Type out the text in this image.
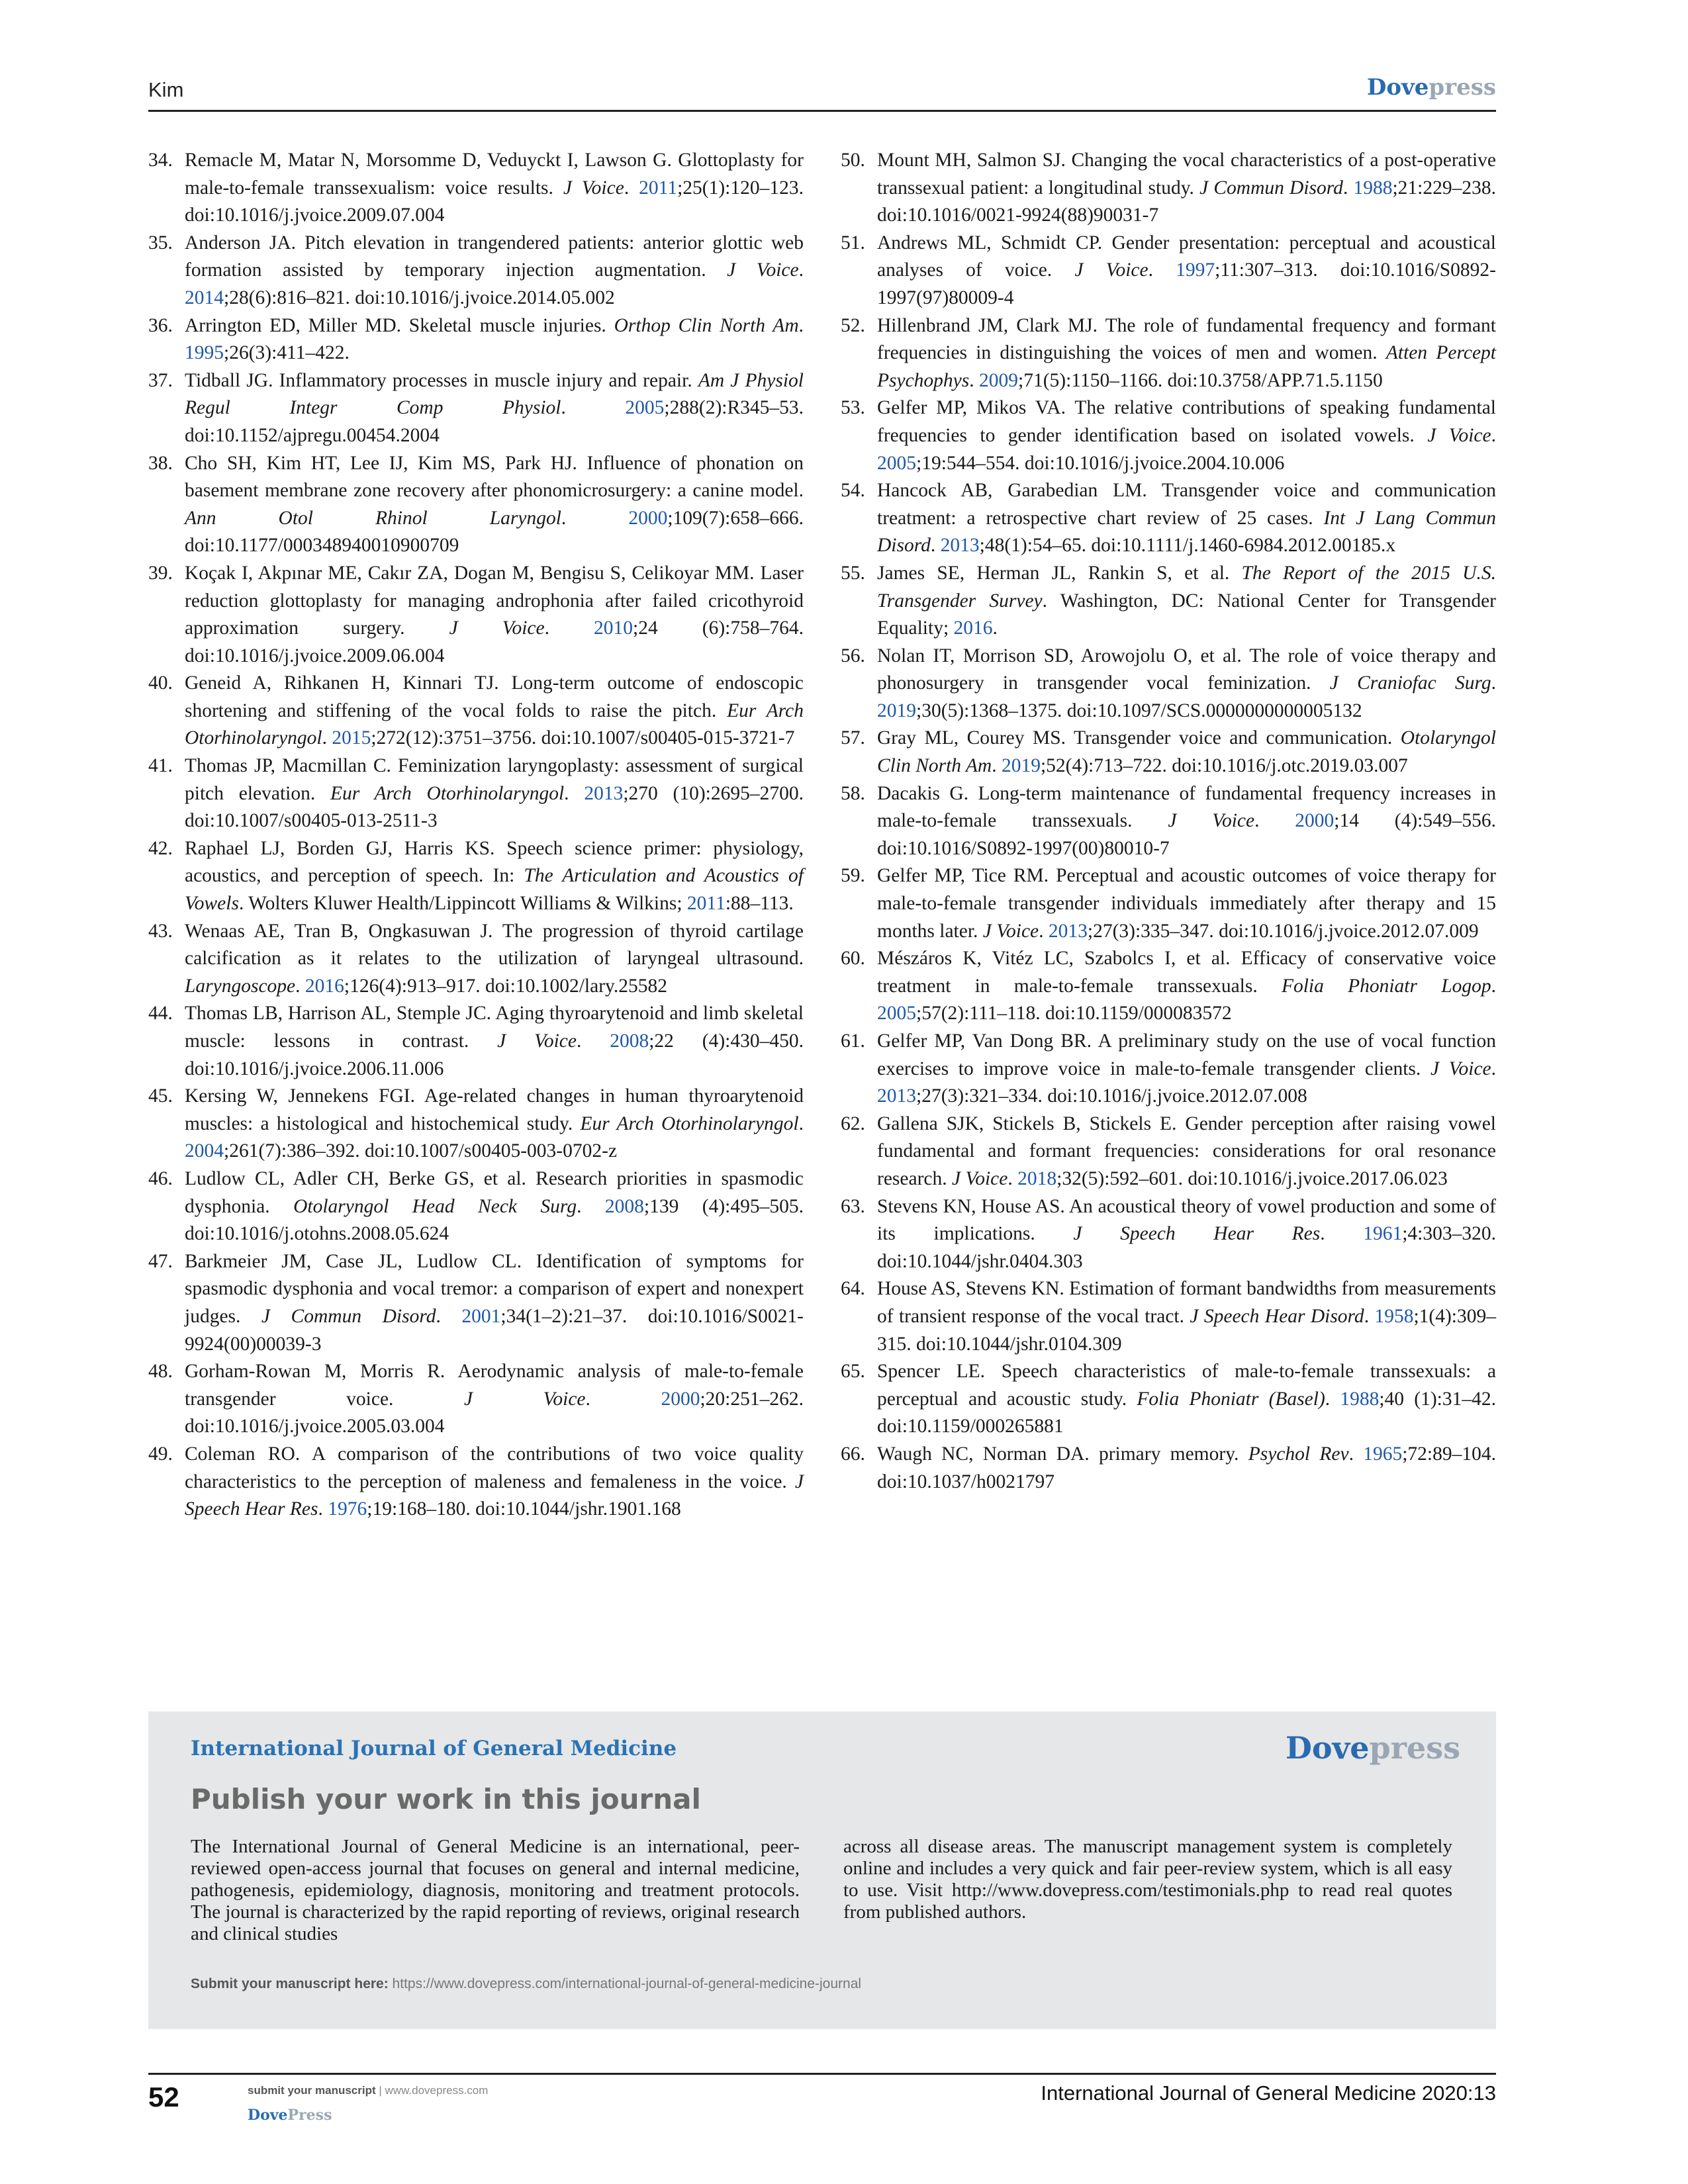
Kim	Dovepress
34. Remacle M, Matar N, Morsomme D, Veduyckt I, Lawson G. Glottoplasty for male-to-female transsexualism: voice results. J Voice. 2011;25(1):120–123. doi:10.1016/j.jvoice.2009.07.004
35. Anderson JA. Pitch elevation in trangendered patients: anterior glottic web formation assisted by temporary injection augmentation. J Voice. 2014;28(6):816–821. doi:10.1016/j.jvoice.2014.05.002
36. Arrington ED, Miller MD. Skeletal muscle injuries. Orthop Clin North Am. 1995;26(3):411–422.
37. Tidball JG. Inflammatory processes in muscle injury and repair. Am J Physiol Regul Integr Comp Physiol. 2005;288(2):R345–53. doi:10.1152/ajpregu.00454.2004
38. Cho SH, Kim HT, Lee IJ, Kim MS, Park HJ. Influence of phonation on basement membrane zone recovery after phonomicrosurgery: a canine model. Ann Otol Rhinol Laryngol. 2000;109(7):658–666. doi:10.1177/000348940010900709
39. Koçak I, Akpınar ME, Cakır ZA, Dogan M, Bengisu S, Celikoyar MM. Laser reduction glottoplasty for managing androphonia after failed cricothyroid approximation surgery. J Voice. 2010;24 (6):758–764. doi:10.1016/j.jvoice.2009.06.004
40. Geneid A, Rihkanen H, Kinnari TJ. Long-term outcome of endoscopic shortening and stiffening of the vocal folds to raise the pitch. Eur Arch Otorhinolaryngol. 2015;272(12):3751–3756. doi:10.1007/s00405-015-3721-7
41. Thomas JP, Macmillan C. Feminization laryngoplasty: assessment of surgical pitch elevation. Eur Arch Otorhinolaryngol. 2013;270 (10):2695–2700. doi:10.1007/s00405-013-2511-3
42. Raphael LJ, Borden GJ, Harris KS. Speech science primer: physiology, acoustics, and perception of speech. In: The Articulation and Acoustics of Vowels. Wolters Kluwer Health/Lippincott Williams & Wilkins; 2011:88–113.
43. Wenaas AE, Tran B, Ongkasuwan J. The progression of thyroid cartilage calcification as it relates to the utilization of laryngeal ultrasound. Laryngoscope. 2016;126(4):913–917. doi:10.1002/lary.25582
44. Thomas LB, Harrison AL, Stemple JC. Aging thyroarytenoid and limb skeletal muscle: lessons in contrast. J Voice. 2008;22 (4):430–450. doi:10.1016/j.jvoice.2006.11.006
45. Kersing W, Jennekens FGI. Age-related changes in human thyroarytenoid muscles: a histological and histochemical study. Eur Arch Otorhinolaryngol. 2004;261(7):386–392. doi:10.1007/s00405-003-0702-z
46. Ludlow CL, Adler CH, Berke GS, et al. Research priorities in spasmodic dysphonia. Otolaryngol Head Neck Surg. 2008;139 (4):495–505. doi:10.1016/j.otohns.2008.05.624
47. Barkmeier JM, Case JL, Ludlow CL. Identification of symptoms for spasmodic dysphonia and vocal tremor: a comparison of expert and nonexpert judges. J Commun Disord. 2001;34(1–2):21–37. doi:10.1016/S0021-9924(00)00039-3
48. Gorham-Rowan M, Morris R. Aerodynamic analysis of male-to-female transgender voice. J Voice. 2000;20:251–262. doi:10.1016/j.jvoice.2005.03.004
49. Coleman RO. A comparison of the contributions of two voice quality characteristics to the perception of maleness and femaleness in the voice. J Speech Hear Res. 1976;19:168–180. doi:10.1044/jshr.1901.168
50. Mount MH, Salmon SJ. Changing the vocal characteristics of a post-operative transsexual patient: a longitudinal study. J Commun Disord. 1988;21:229–238. doi:10.1016/0021-9924(88)90031-7
51. Andrews ML, Schmidt CP. Gender presentation: perceptual and acoustical analyses of voice. J Voice. 1997;11:307–313. doi:10.1016/S0892-1997(97)80009-4
52. Hillenbrand JM, Clark MJ. The role of fundamental frequency and formant frequencies in distinguishing the voices of men and women. Atten Percept Psychophys. 2009;71(5):1150–1166. doi:10.3758/APP.71.5.1150
53. Gelfer MP, Mikos VA. The relative contributions of speaking fundamental frequencies to gender identification based on isolated vowels. J Voice. 2005;19:544–554. doi:10.1016/j.jvoice.2004.10.006
54. Hancock AB, Garabedian LM. Transgender voice and communication treatment: a retrospective chart review of 25 cases. Int J Lang Commun Disord. 2013;48(1):54–65. doi:10.1111/j.1460-6984.2012.00185.x
55. James SE, Herman JL, Rankin S, et al. The Report of the 2015 U.S. Transgender Survey. Washington, DC: National Center for Transgender Equality; 2016.
56. Nolan IT, Morrison SD, Arowojolu O, et al. The role of voice therapy and phonosurgery in transgender vocal feminization. J Craniofac Surg. 2019;30(5):1368–1375. doi:10.1097/SCS.0000000000005132
57. Gray ML, Courey MS. Transgender voice and communication. Otolaryngol Clin North Am. 2019;52(4):713–722. doi:10.1016/j.otc.2019.03.007
58. Dacakis G. Long-term maintenance of fundamental frequency increases in male-to-female transsexuals. J Voice. 2000;14 (4):549–556. doi:10.1016/S0892-1997(00)80010-7
59. Gelfer MP, Tice RM. Perceptual and acoustic outcomes of voice therapy for male-to-female transgender individuals immediately after therapy and 15 months later. J Voice. 2013;27(3):335–347. doi:10.1016/j.jvoice.2012.07.009
60. Mészáros K, Vitéz LC, Szabolcs I, et al. Efficacy of conservative voice treatment in male-to-female transsexuals. Folia Phoniatr Logop. 2005;57(2):111–118. doi:10.1159/000083572
61. Gelfer MP, Van Dong BR. A preliminary study on the use of vocal function exercises to improve voice in male-to-female transgender clients. J Voice. 2013;27(3):321–334. doi:10.1016/j.jvoice.2012.07.008
62. Gallena SJK, Stickels B, Stickels E. Gender perception after raising vowel fundamental and formant frequencies: considerations for oral resonance research. J Voice. 2018;32(5):592–601. doi:10.1016/j.jvoice.2017.06.023
63. Stevens KN, House AS. An acoustical theory of vowel production and some of its implications. J Speech Hear Res. 1961;4:303–320. doi:10.1044/jshr.0404.303
64. House AS, Stevens KN. Estimation of formant bandwidths from measurements of transient response of the vocal tract. J Speech Hear Disord. 1958;1(4):309–315. doi:10.1044/jshr.0104.309
65. Spencer LE. Speech characteristics of male-to-female transsexuals: a perceptual and acoustic study. Folia Phoniatr (Basel). 1988;40 (1):31–42. doi:10.1159/000265881
66. Waugh NC, Norman DA. primary memory. Psychol Rev. 1965;72:89–104. doi:10.1037/h0021797
International Journal of General Medicine	Dovepress
Publish your work in this journal
The International Journal of General Medicine is an international, peer-reviewed open-access journal that focuses on general and internal medicine, pathogenesis, epidemiology, diagnosis, monitoring and treatment protocols. The journal is characterized by the rapid reporting of reviews, original research and clinical studies
across all disease areas. The manuscript management system is completely online and includes a very quick and fair peer-review system, which is all easy to use. Visit http://www.dovepress.com/testimonials.php to read real quotes from published authors.
Submit your manuscript here: https://www.dovepress.com/international-journal-of-general-medicine-journal
52	submit your manuscript | www.dovepress.com
DovePress
International Journal of General Medicine 2020:13
